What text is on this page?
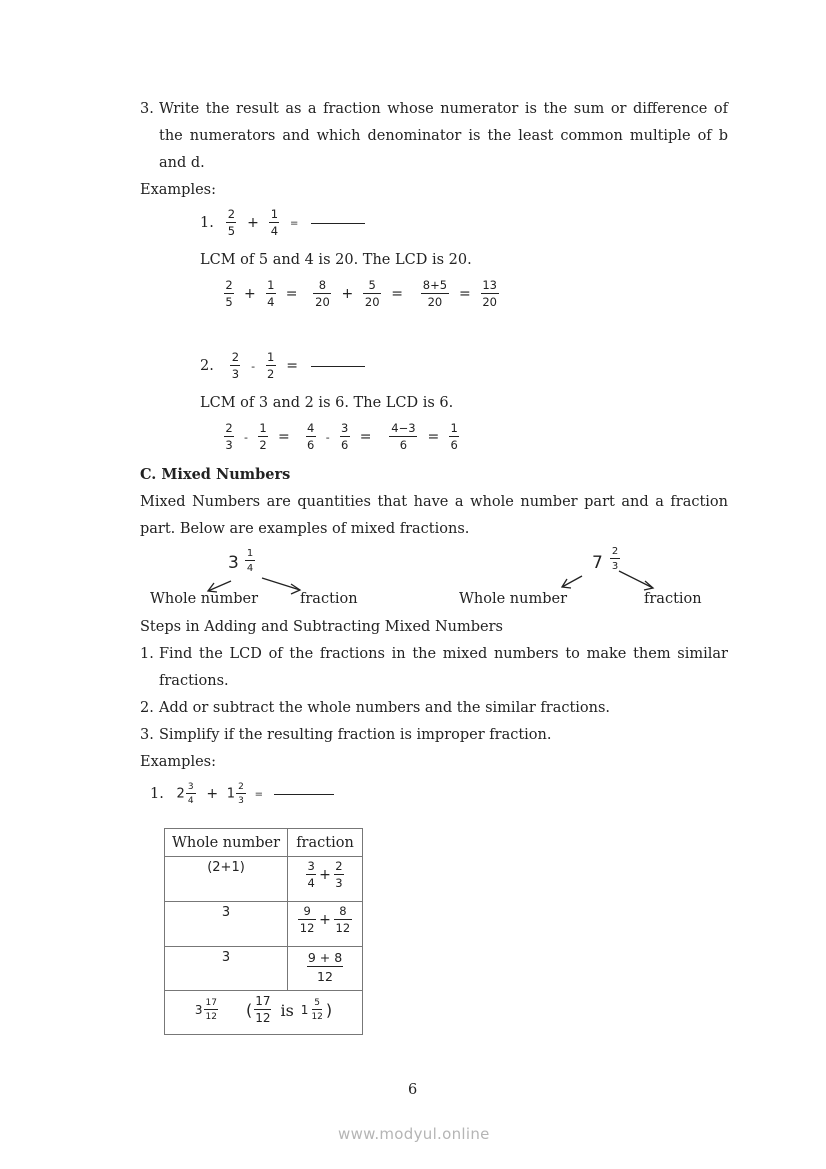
3. Write the result as a fraction whose numerator is the sum or difference of
the numerators and which denominator is the least common multiple of b
and d.
Examples:
1. $\frac{2}{5} + \frac{1}{4}$ =
LCM of 5 and 4 is 20. The LCD is 20.
$\frac{2}{5} + \frac{1}{4} = \frac{8}{20} + \frac{5}{20} = \frac{8+5}{20} = \frac{13}{20}$
2. $\frac{2}{3} - \frac{1}{2}$ =
LCM of 3 and 2 is 6. The LCD is 6.
$\frac{2}{3} - \frac{1}{2} = \frac{4}{6} - \frac{3}{6} = \frac{4-3}{6} = \frac{1}{6}$
C. Mixed Numbers
Mixed Numbers are quantities that have a whole number part and a fraction
part. Below are examples of mixed fractions.
$3 \frac{1}{4}$
Whole number	fraction
$7 \frac{2}{3}$
Whole number	fraction
Steps in Adding and Subtracting Mixed Numbers
1. Find the LCD of the fractions in the mixed numbers to make them similar
fractions.
2. Add or subtract the whole numbers and the similar fractions.
3. Simplify if the resulting fraction is improper fraction.
Examples:
1. $2 \frac{3}{4} + 1 \frac{2}{3}$ =
Whole number	fraction
(2+1)	$\frac{3}{4} + \frac{2}{3}$

3	$\frac{9}{12} + \frac{8}{12}$

3	$\frac{9 + 8}{12}$

$3 \frac{17}{12}$ ( $\frac{17}{12}$ is $1 \frac{5}{12}$ )
6
www.modyul.online
